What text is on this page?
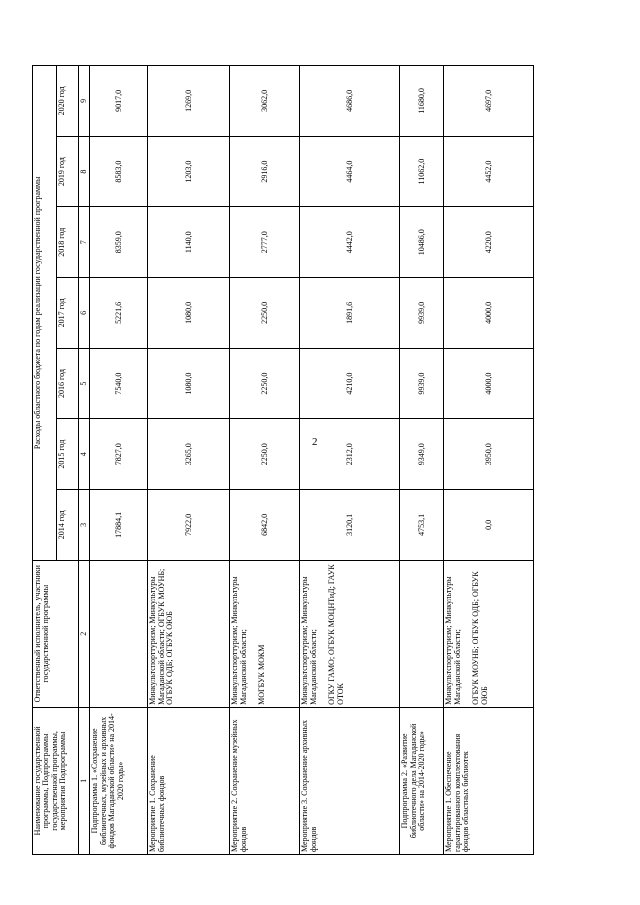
2
Наименование государственной программы, Подпрограммы государственной программы, мероприятия Подпрограммы	Ответственный исполнитель, участники государственной программы	Расходы областного бюджета по годам реализации государственной программы						
		2014 год	2015 год	2016 год	2017 год	2018 год	2019 год	2020 год
1	2	3	4	5	6	7	8	9
Подпрограмма 1. «Сохранение библиотечных, музейных и архивных фондов Магаданской области» на 2014-2020 годы»		17884,1	7827,0	7540,0	5221,6	8359,0	8583,0	9017,0
Мероприятие 1. Сохранение библиотечных фондов	Минкультспорттуризм; Минкультуры Магаданской области; ОГБУК МОУНБ; ОГБУК ОДБ; ОГБУК ОЮБ	7922,0	3265,0	1080,0	1080,0	1140,0	1203,0	1269,0
Мероприятие 2. Сохранение музейных фондов	Минкультспорттуризм; Минкультуры Магаданской области; МОГБУК МОКМ	6842,0	2250,0	2250,0	2250,0	2777,0	2916,0	3062,0
Мероприятие 3. Сохранение архивных фондов	Минкультспорттуризм; Минкультуры Магаданской области; ОГКУ ГАМО; ОГБУК МОЦНТиД; ГАУК ОТОК	3120,1	2312,0	4210,0	1891,6	4442,0	4464,0	4686,0
Подпрограмма 2. «Развитие библиотечного дела Магаданской области» на 2014-2020 годы»		4753,1	9349,0	9939,0	9939,0	10486,0	11062,0	11680,0
Мероприятие 1. Обеспечение гарантированного комплектования фондов областных библиотек	Минкультспорттуризм; Минкультуры Магаданской области; ОГБУК МОУНБ; ОГБУК ОДБ; ОГБУК ОЮБ	0,0	3950,0	4000,0	4000,0	4220,0	4452,0	4697,0
